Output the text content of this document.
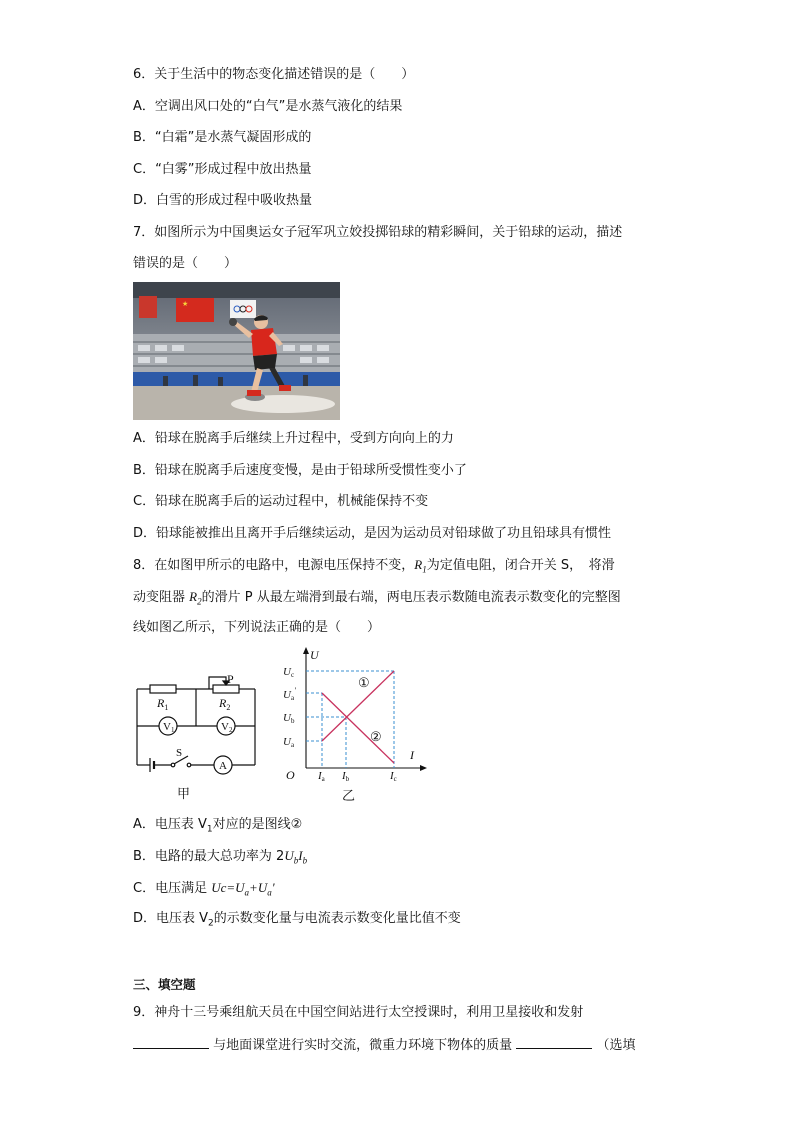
6．关于生活中的物态变化描述错误的是（　　）
A．空调出风口处的“白气”是水蒸气液化的结果
B．“白霜”是水蒸气凝固形成的
C．“白雾”形成过程中放出热量
D．白雪的形成过程中吸收热量
7．如图所示为中国奥运女子冠军巩立姣投掷铅球的精彩瞬间，关于铅球的运动，描述
错误的是（　　）
★
A．铅球在脱离手后继续上升过程中，受到方向向上的力
B．铅球在脱离手后速度变慢，是由于铅球所受惯性变小了
C．铅球在脱离手后的运动过程中，机械能保持不变
D．铅球能被推出且离开手后继续运动，是因为运动员对铅球做了功且铅球具有惯性
8．在如图甲所示的电路中，电源电压保持不变，$R_1$为定值电阻，闭合开关 S，　将滑
动变阻器 $R_2$的滑片 P 从最左端滑到最右端，两电压表示数随电流表示数变化的完整图
线如图乙所示，下列说法正确的是（　　）
P
$R_1$	$R_2$
V1	V2
A
S
甲
U
I
O
Uc
Ua'
Ub
Ua
Ia Ib	Ic
①
②
乙
A．电压表 $V_1$对应的是图线②
B．电路的最大总功率为 $2U_bI_b$
C．电压满足 $Uc=U_a+U_a'$
D．电压表 $V_2$的示数变化量与电流表示数变化量比值不变
三、填空题
9．神舟十三号乘组航天员在中国空间站进行太空授课时，利用卫星接收和发射
与地面课堂进行实时交流，微重力环境下物体的质量	（选填
